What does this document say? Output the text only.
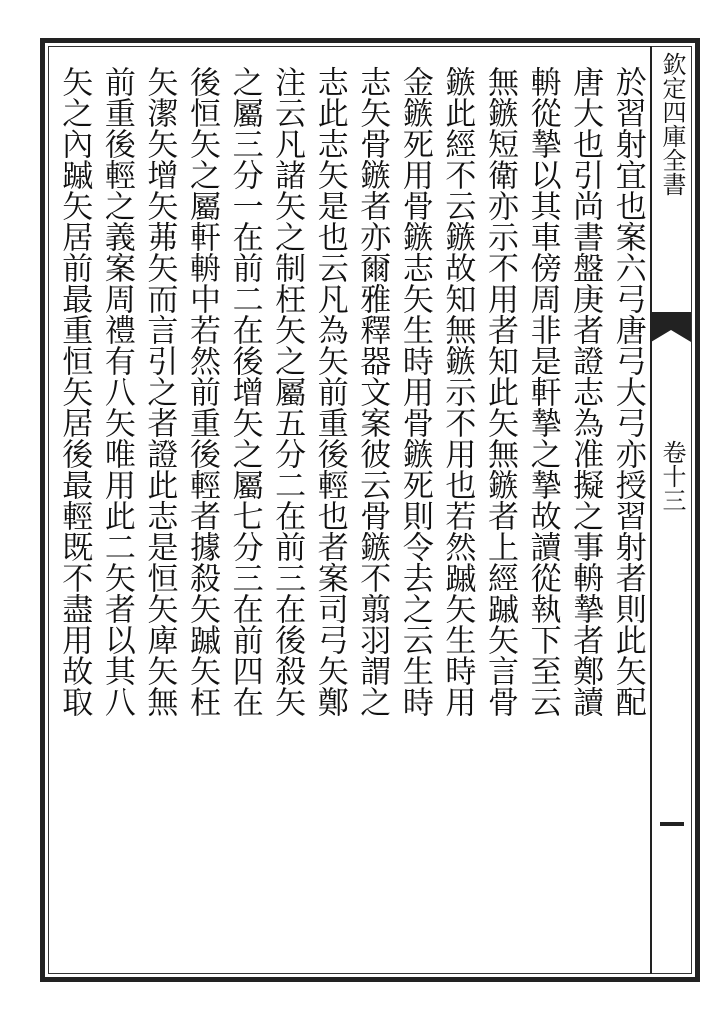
欽定四庫全書
卷十三
於習射宜也案六弓唐弓大弓亦授習射者則此矢配
唐大也引尚書盤庚者證志為准擬之事輈摯者鄭讀
輈從摯以其車傍周非是軒摯之摯故讀從執下至云
無鏃短衛亦示不用者知此矢無鏃者上經䠞矢言骨
鏃此經不云鏃故知無鏃示不用也若然䠞矢生時用
金鏃死用骨鏃志矢生時用骨鏃死則令去之云生時
志矢骨鏃者亦爾雅釋器文案彼云骨鏃不翦羽謂之
志此志矢是也云凡為矢前重後輕也者案司弓矢鄭
注云凡諸矢之制枉矢之屬五分二在前三在後殺矢
之屬三分一在前二在後增矢之屬七分三在前四在
後恒矢之屬軒輈中若然前重後輕者據殺矢䠞矢枉
矢潔矢增矢茀矢而言引之者證此志是恒矢庳矢無
前重後輕之義案周禮有八矢唯用此二矢者以其八
矢之內䠞矢居前最重恒矢居後最輕既不盡用故取
